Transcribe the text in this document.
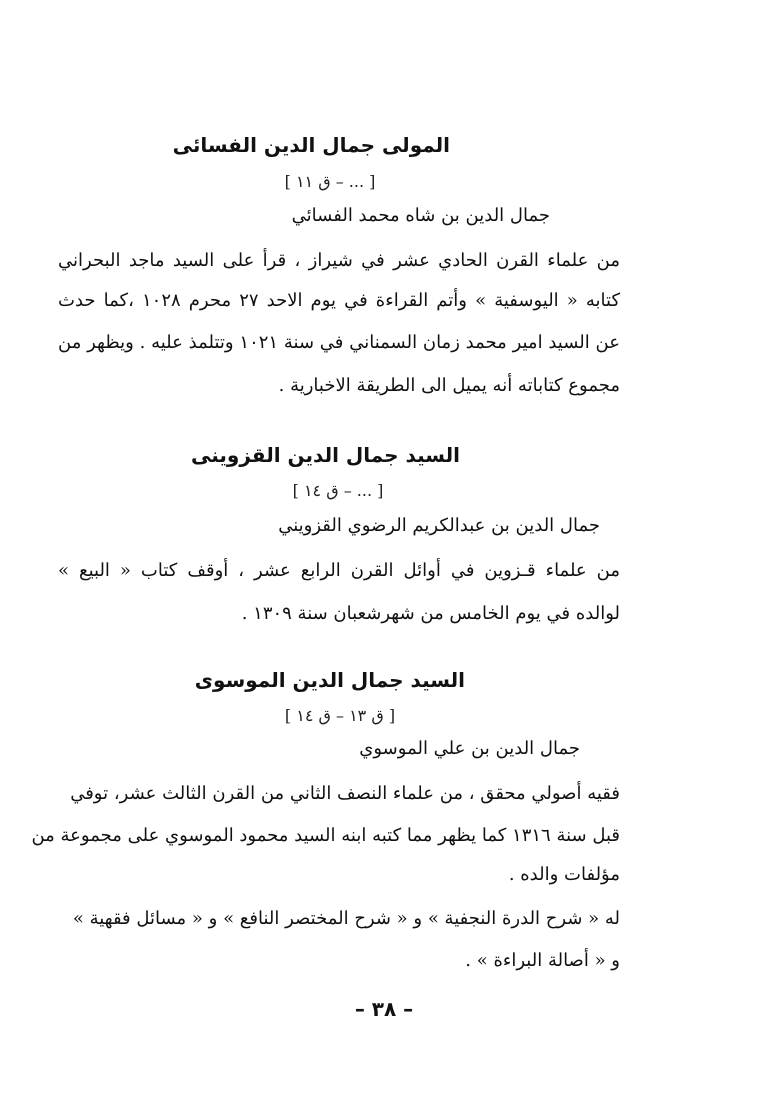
المولى جمال الدين الفسائى
[ ... – ق ١١ ]
جمال الدين بن شاه محمد الفسائي
من علماء القرن الحادي عشر في شيراز ، قرأ على السيد ماجد البحراني
كتابه « اليوسفية » وأتم القراءة في يوم الاحد ٢٧ محرم ١٠٢٨ ،كما حدث
عن السيد امير محمد زمان السمناني في سنة ١٠٢١ وتتلمذ عليه . ويظهر من
مجموع كتاباته أنه يميل الى الطريقة الاخبارية .
السيد جمال الدين القزوينى
[ ... – ق ١٤ ]
جمال الدين بن عبدالكريم الرضوي القزويني
من علماء قـزوين في أوائل القرن الرابع عشر ، أوقف كتاب « البيع »
لوالده في يوم الخامس من شهرشعبان سنة ١٣٠٩ .
السيد جمال الدين الموسوى
[ ق ١٣ – ق ١٤ ]
جمال الدين بن علي الموسوي
فقيه أصولي محقق ، من علماء النصف الثاني من القرن الثالث عشر، توفي
قبل سنة ١٣١٦ كما يظهر مما كتبه ابنه السيد محمود الموسوي على مجموعة من
مؤلفات والده .
له « شرح الدرة النجفية » و « شرح المختصر النافع » و « مسائل فقهية »
و « أصالة البراءة » .
– ٣٨ –
